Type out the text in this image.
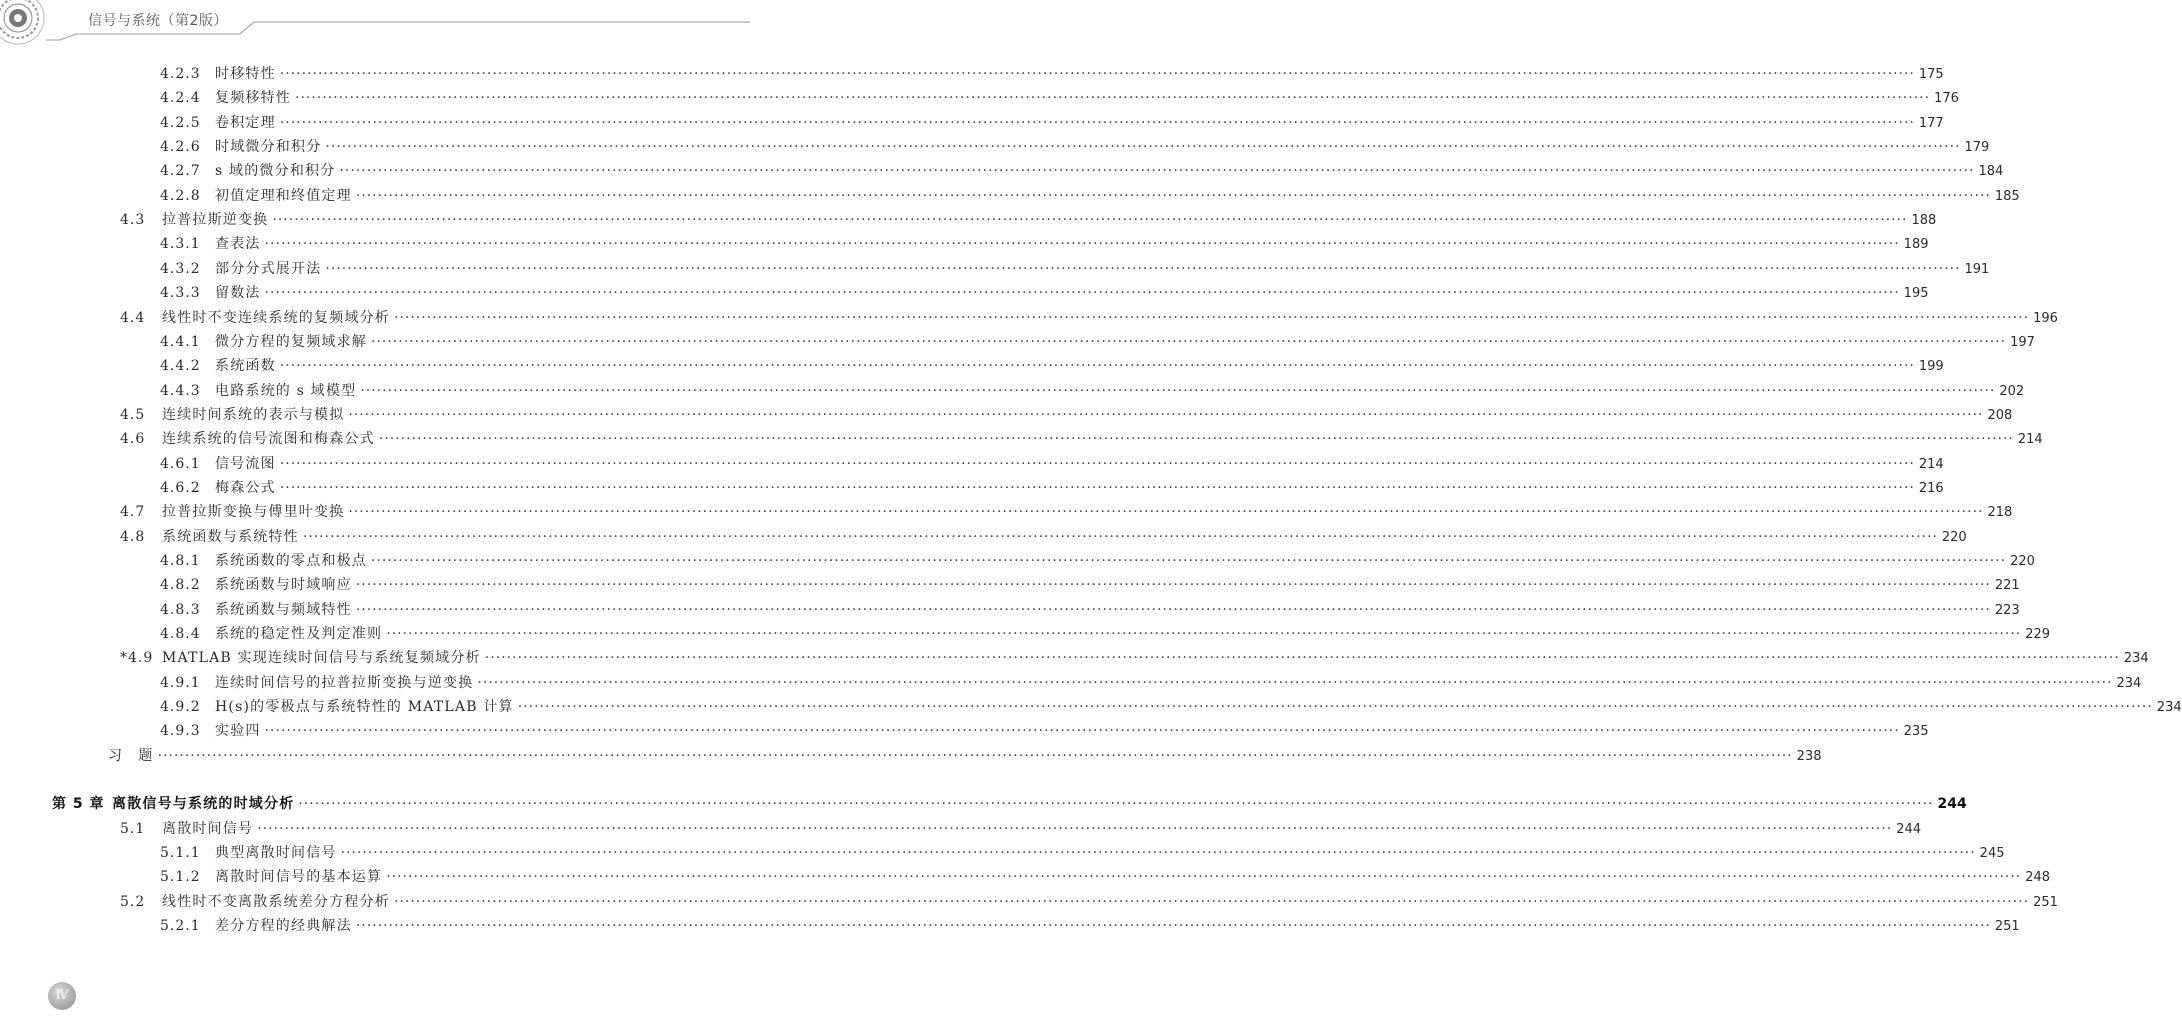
信号与系统（第2版）
4.2.3	时移特性 ············································································································································································································································································································ 175
4.2.4	复频移特性 ············································································································································································································································································································ 176
4.2.5	卷积定理 ············································································································································································································································································································ 177
4.2.6	时域微分和积分 ············································································································································································································································································································ 179
4.2.7	s 域的微分和积分 ············································································································································································································································································································ 184
4.2.8	初值定理和终值定理 ············································································································································································································································································································ 185
4.3	拉普拉斯逆变换 ············································································································································································································································································································ 188
4.3.1	查表法 ············································································································································································································································································································ 189
4.3.2	部分分式展开法 ············································································································································································································································································································ 191
4.3.3	留数法 ············································································································································································································································································································ 195
4.4	线性时不变连续系统的复频域分析 ············································································································································································································································································································ 196
4.4.1	微分方程的复频域求解 ············································································································································································································································································································ 197
4.4.2	系统函数 ············································································································································································································································································································ 199
4.4.3	电路系统的 s 域模型 ············································································································································································································································································································ 202
4.5	连续时间系统的表示与模拟 ············································································································································································································································································································ 208
4.6	连续系统的信号流图和梅森公式 ············································································································································································································································································································ 214
4.6.1	信号流图 ············································································································································································································································································································ 214
4.6.2	梅森公式 ············································································································································································································································································································ 216
4.7	拉普拉斯变换与傅里叶变换 ············································································································································································································································································································ 218
4.8	系统函数与系统特性 ············································································································································································································································································································ 220
4.8.1	系统函数的零点和极点 ············································································································································································································································································································ 220
4.8.2	系统函数与时域响应 ············································································································································································································································································································ 221
4.8.3	系统函数与频域特性 ············································································································································································································································································································ 223
4.8.4	系统的稳定性及判定准则 ············································································································································································································································································································ 229
*4.9 MATLAB 实现连续时间信号与系统复频域分析 ············································································································································································································································································································ 234
4.9.1	连续时间信号的拉普拉斯变换与逆变换 ············································································································································································································································································································ 234
4.9.2	H(s)的零极点与系统特性的 MATLAB 计算 ············································································································································································································································································································ 234
4.9.3	实验四 ············································································································································································································································································································ 235
习　题 ············································································································································································································································································································ 238
第 5 章 离散信号与系统的时域分析 ············································································································································································································································································································ 244
5.1	离散时间信号 ············································································································································································································································································································ 244
5.1.1	典型离散时间信号 ············································································································································································································································································································ 245
5.1.2	离散时间信号的基本运算 ············································································································································································································································································································ 248
5.2	线性时不变离散系统差分方程分析 ············································································································································································································································································································ 251
5.2.1	差分方程的经典解法 ············································································································································································································································································································ 251
Ⅳ
